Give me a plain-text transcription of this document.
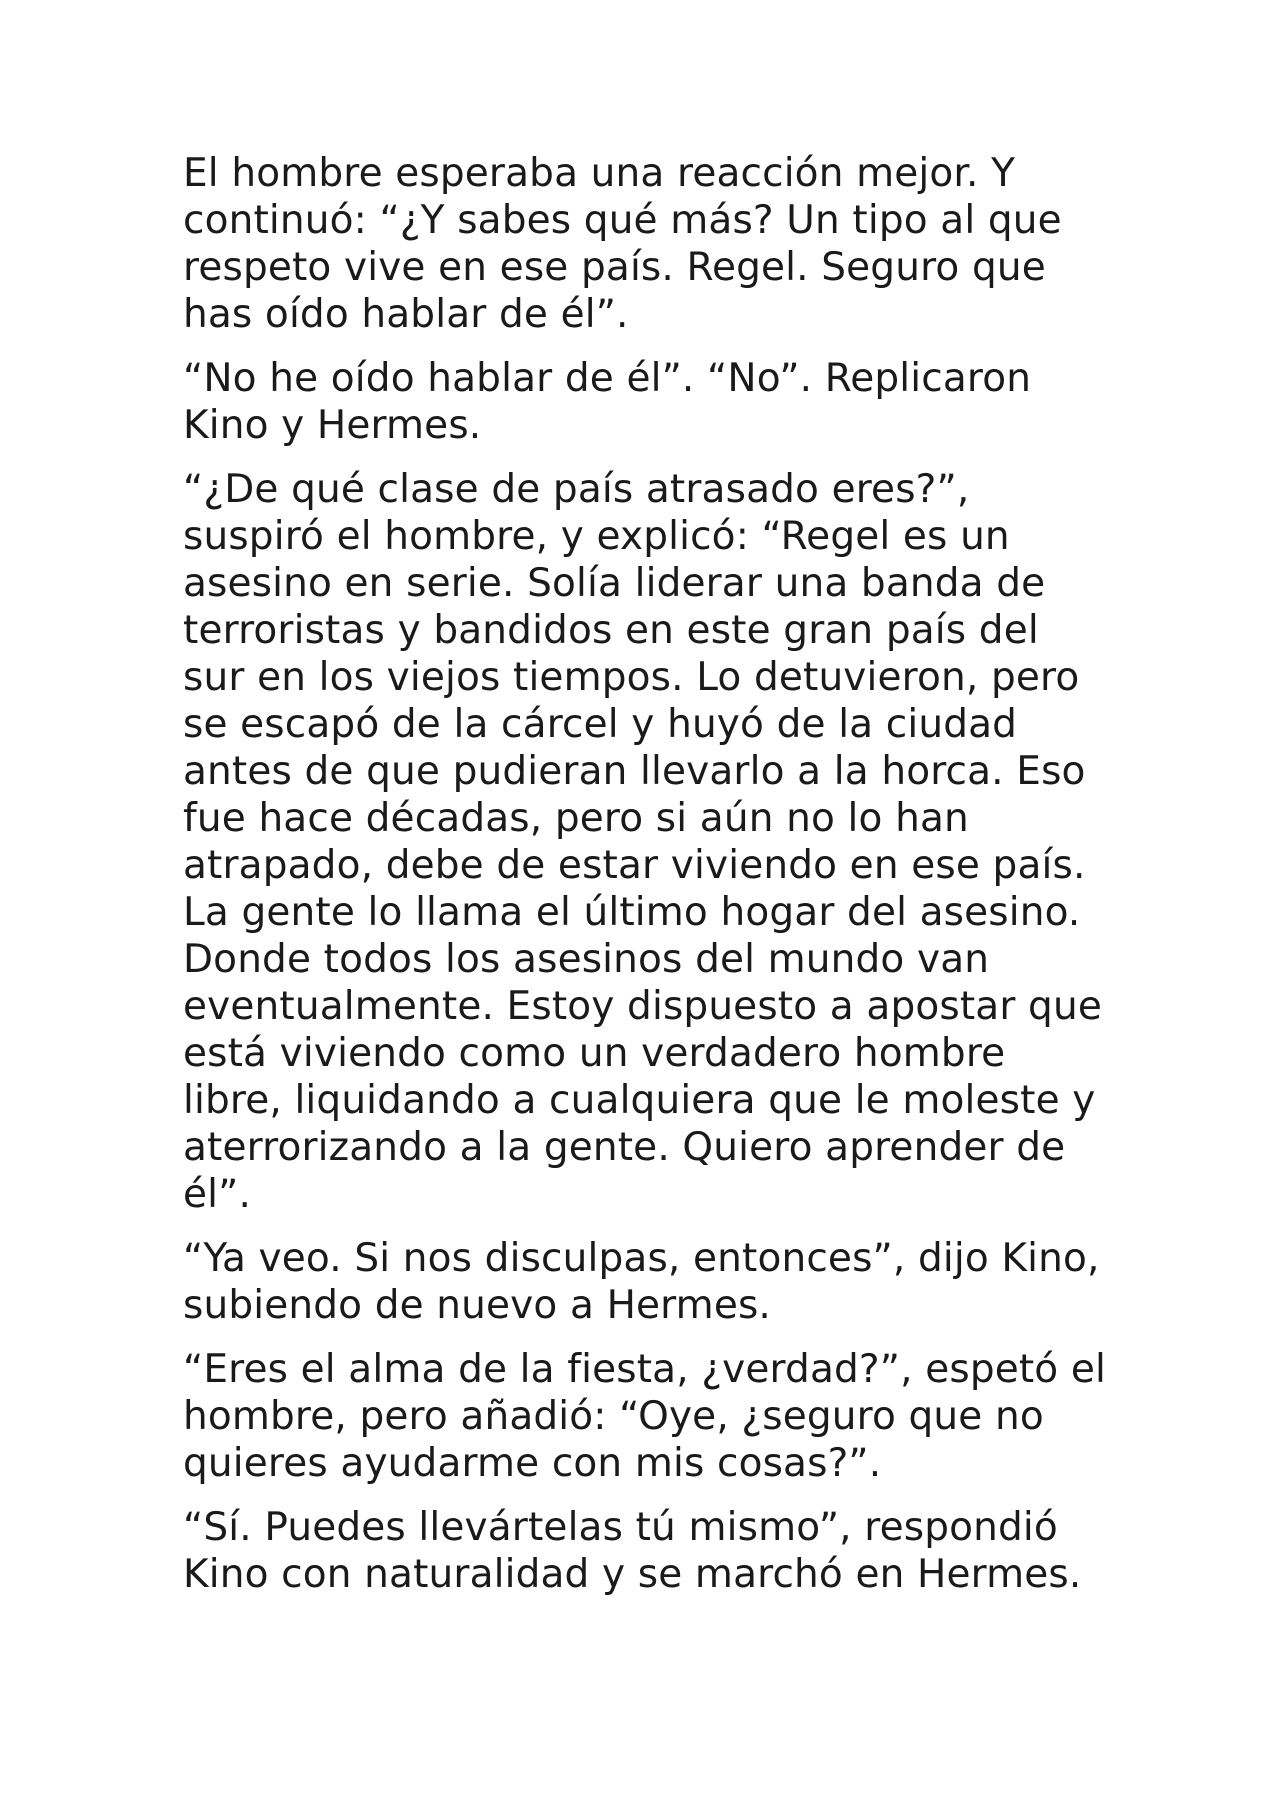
El hombre esperaba una reacción mejor. Y
continuó: “¿Y sabes qué más? Un tipo al que
respeto vive en ese país. Regel. Seguro que
has oído hablar de él”.

“No he oído hablar de él”. “No”. Replicaron
Kino y Hermes.

“¿De qué clase de país atrasado eres?”,
suspiró el hombre, y explicó: “Regel es un
asesino en serie. Solía liderar una banda de
terroristas y bandidos en este gran país del
sur en los viejos tiempos. Lo detuvieron, pero
se escapó de la cárcel y huyó de la ciudad
antes de que pudieran llevarlo a la horca. Eso
fue hace décadas, pero si aún no lo han
atrapado, debe de estar viviendo en ese país.
La gente lo llama el último hogar del asesino.
Donde todos los asesinos del mundo van
eventualmente. Estoy dispuesto a apostar que
está viviendo como un verdadero hombre
libre, liquidando a cualquiera que le moleste y
aterrorizando a la gente. Quiero aprender de
él”.

“Ya veo. Si nos disculpas, entonces”, dijo Kino,
subiendo de nuevo a Hermes.

“Eres el alma de la fiesta, ¿verdad?”, espetó el
hombre, pero añadió: “Oye, ¿seguro que no
quieres ayudarme con mis cosas?”.

“Sí. Puedes llevártelas tú mismo”, respondió
Kino con naturalidad y se marchó en Hermes.
